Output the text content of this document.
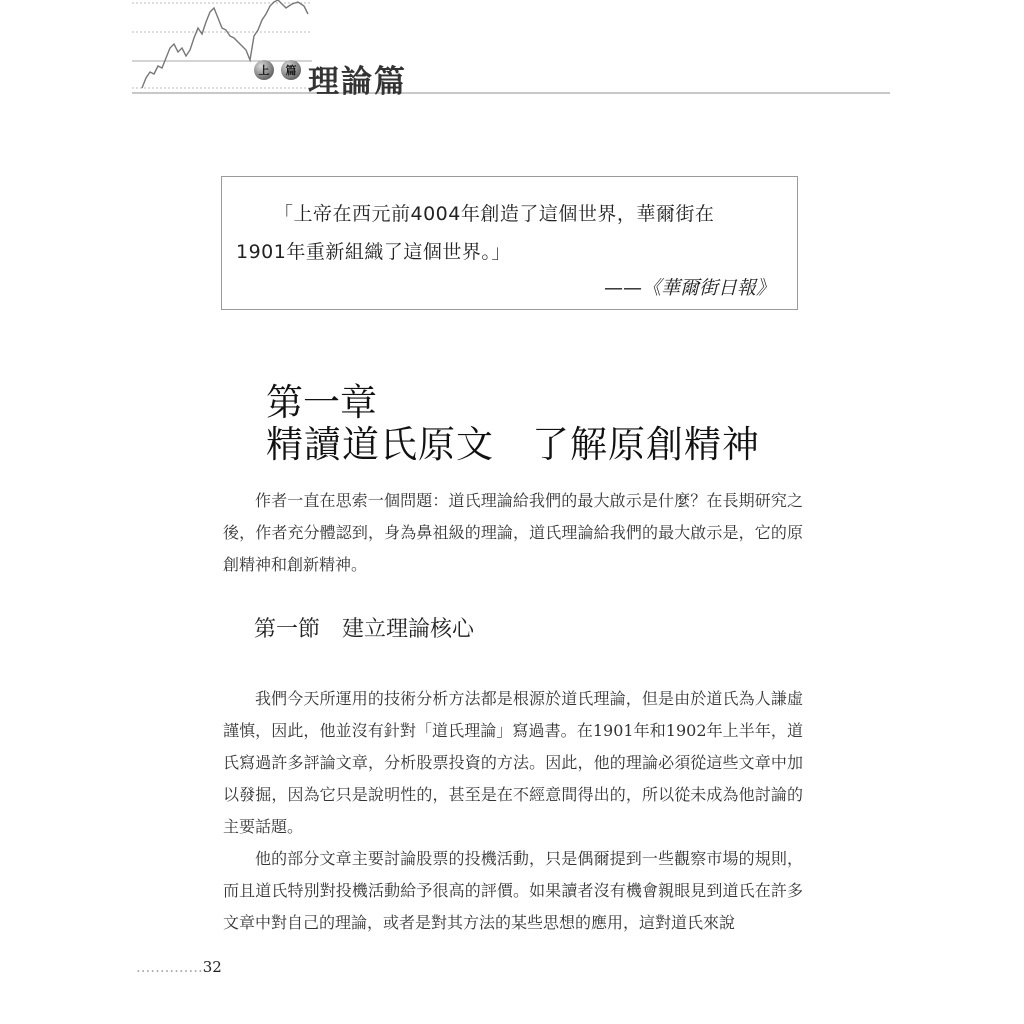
上	篇 理論篇
「上帝在西元前4004年創造了這個世界，華爾街在
1901年重新組織了這個世界。」
——《華爾街日報》
第一章
精讀道氏原文　了解原創精神

作者一直在思索一個問題：道氏理論給我們的最大啟示是什麼？在長期研究之後，作者充分體認到，身為鼻祖級的理論，道氏理論給我們的最大啟示是，它的原創精神和創新精神。

第一節　建立理論核心

我們今天所運用的技術分析方法都是根源於道氏理論，但是由於道氏為人謙虛謹慎，因此，他並沒有針對「道氏理論」寫過書。在1901年和1902年上半年，道氏寫過許多評論文章，分析股票投資的方法。因此，他的理論必須從這些文章中加以發掘，因為它只是說明性的，甚至是在不經意間得出的，所以從未成為他討論的主要話題。

他的部分文章主要討論股票的投機活動，只是偶爾提到一些觀察市場的規則，而且道氏特別對投機活動給予很高的評價。如果讀者沒有機會親眼見到道氏在許多文章中對自己的理論，或者是對其方法的某些思想的應用，這對道氏來說

..............32
